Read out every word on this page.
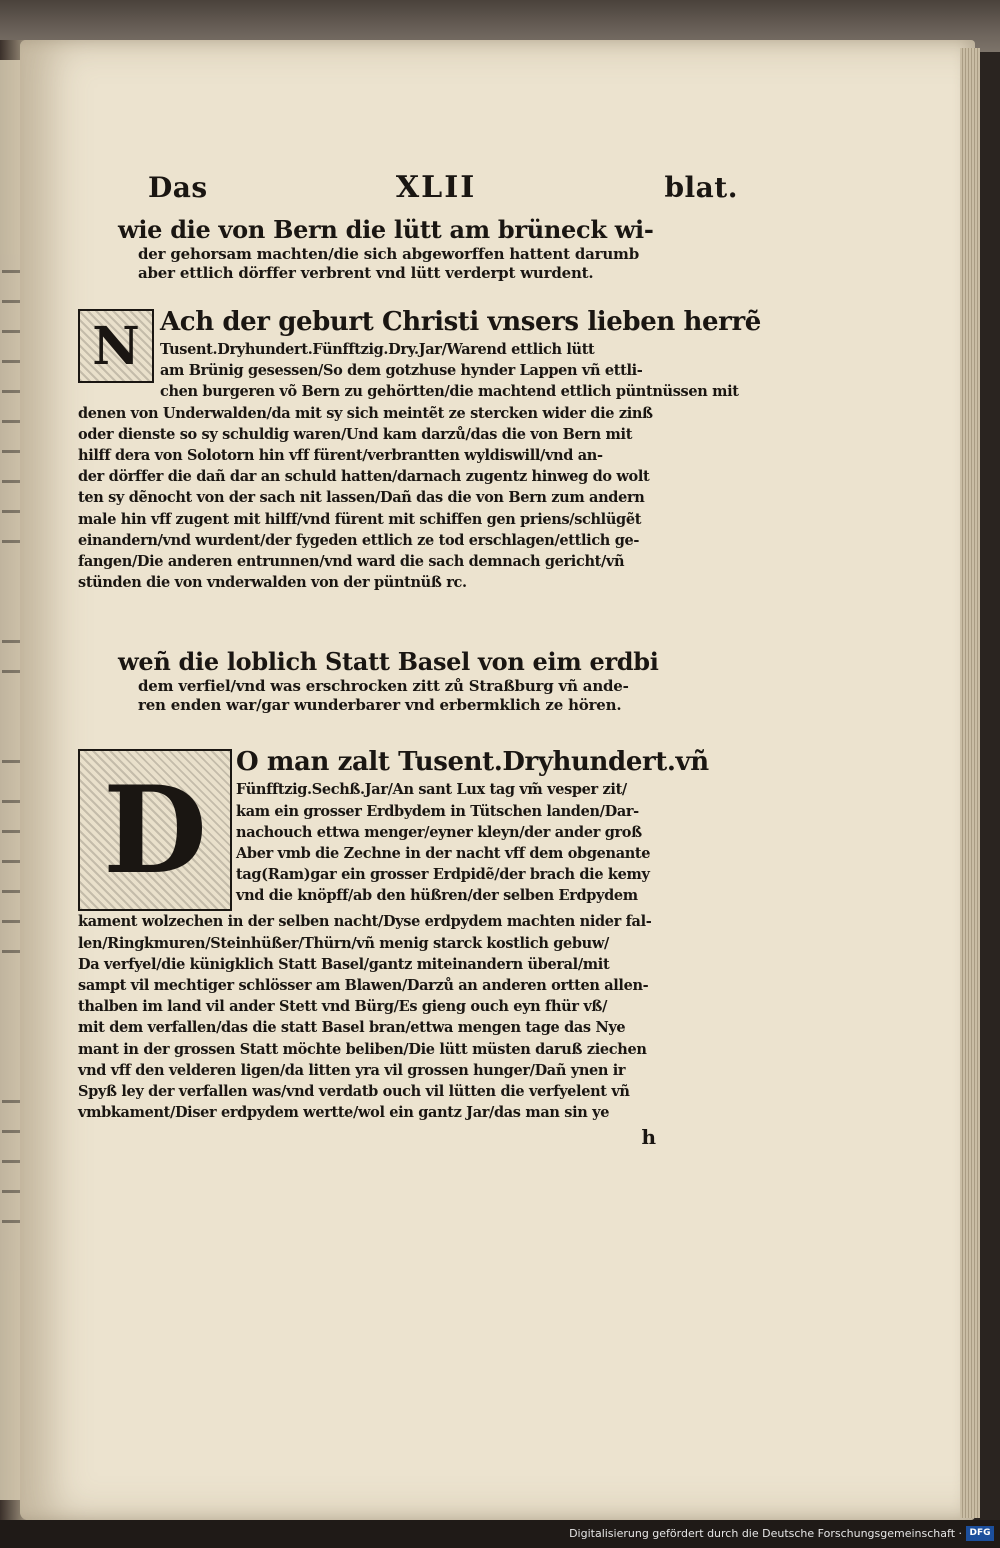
Das	XLII	blat.
wie die von Bern die lütt am brüneck wi-
der gehorsam machten/die sich abgeworffen hattent darumb
aber ettlich dörffer verbrent vnd lütt verderpt wurdent.
N Ach der geburt Christi vnsers lieben herrẽ
Tusent.Dryhundert.Fünfftzig.Dry.Jar/Warend ettlich lütt
am Brünig gesessen/So dem gotzhuse hynder Lappen vñ ettli-
chen burgeren võ Bern zu gehörtten/die machtend ettlich püntnüssen mit
denen von Underwalden/da mit sy sich meintẽt ze stercken wider die zinß
oder dienste so sy schuldig waren/Und kam darzů/das die von Bern mit
hilff dera von Solotorn hin vff fürent/verbrantten wyldiswill/vnd an-
der dörffer die dañ dar an schuld hatten/darnach zugentz hinweg do wolt
ten sy dẽnocht von der sach nit lassen/Dañ das die von Bern zum andern
male hin vff zugent mit hilff/vnd fürent mit schiffen gen priens/schlügẽt
einandern/vnd wurdent/der fygeden ettlich ze tod erschlagen/ettlich ge-
fangen/Die anderen entrunnen/vnd ward die sach demnach gericht/vñ
stünden die von vnderwalden von der püntnüß rc.
weñ die loblich Statt Basel von eim erdbi
dem verfiel/vnd was erschrocken zitt zů Straßburg vñ ande-
ren enden war/gar wunderbarer vnd erbermklich ze hören.
D	O man zalt Tusent.Dryhundert.vñ
Fünfftzig.Sechß.Jar/An sant Lux tag vm̃ vesper zit/
kam ein grosser Erdbydem in Tütschen landen/Dar-
nachouch ettwa menger/eyner kleyn/der ander groß
Aber vmb die Zechne in der nacht vff dem obgenante
tag(Ram)gar ein grosser Erdpidẽ/der brach die kemy
vnd die knöpff/ab den hüßren/der selben Erdpydem
kament wolzechen in der selben nacht/Dyse erdpydem machten nider fal-
len/Ringkmuren/Steinhüßer/Thürn/vñ menig starck kostlich gebuw/
Da verfyel/die künigklich Statt Basel/gantz miteinandern überal/mit
sampt vil mechtiger schlösser am Blawen/Darzů an anderen ortten allen-
thalben im land vil ander Stett vnd Bürg/Es gieng ouch eyn fhür vß/
mit dem verfallen/das die statt Basel bran/ettwa mengen tage das Nye
mant in der grossen Statt möchte beliben/Die lütt müsten daruß ziechen
vnd vff den velderen ligen/da litten yra vil grossen hunger/Dañ ynen ir
Spyß ley der verfallen was/vnd verdatb ouch vil lütten die verfyelent vñ
vmbkament/Diser erdpydem wertte/wol ein gantz Jar/das man sin ye
h
Digitalisierung gefördert durch die Deutsche Forschungsgemeinschaft · DFG
